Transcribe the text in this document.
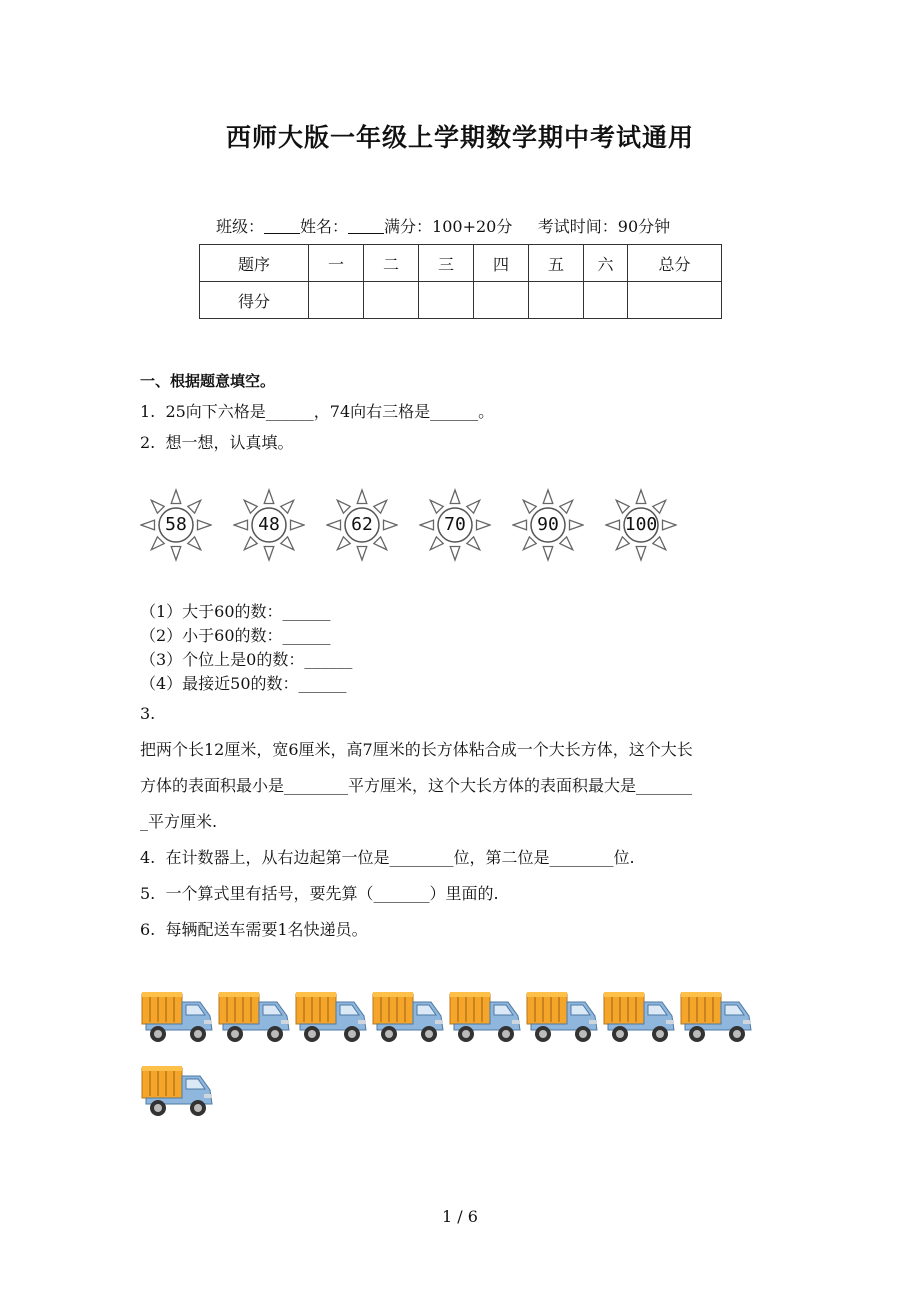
西师大版一年级上学期数学期中考试通用
班级： 姓名： 满分：100+20分 考试时间：90分钟
题序	一	二	三	四	五	六	总分
得分							
一、根据题意填空。
1.  25向下六格是______，74向右三格是______。
2.  想一想，认真填。
58	48	62	70	90	100
（1）大于60的数：______
（2）小于60的数：______
（3）个位上是0的数：______
（4）最接近50的数：______
3.
把两个长12厘米，宽6厘米，高7厘米的长方体粘合成一个大长方体，这个大长
方体的表面积最小是________平方厘米，这个大长方体的表面积最大是_______
_平方厘米.
4.  在计数器上，从右边起第一位是________位，第二位是________位.
5.  一个算式里有括号，要先算（_______）里面的.
6.  每辆配送车需要1名快递员。
1 / 6
